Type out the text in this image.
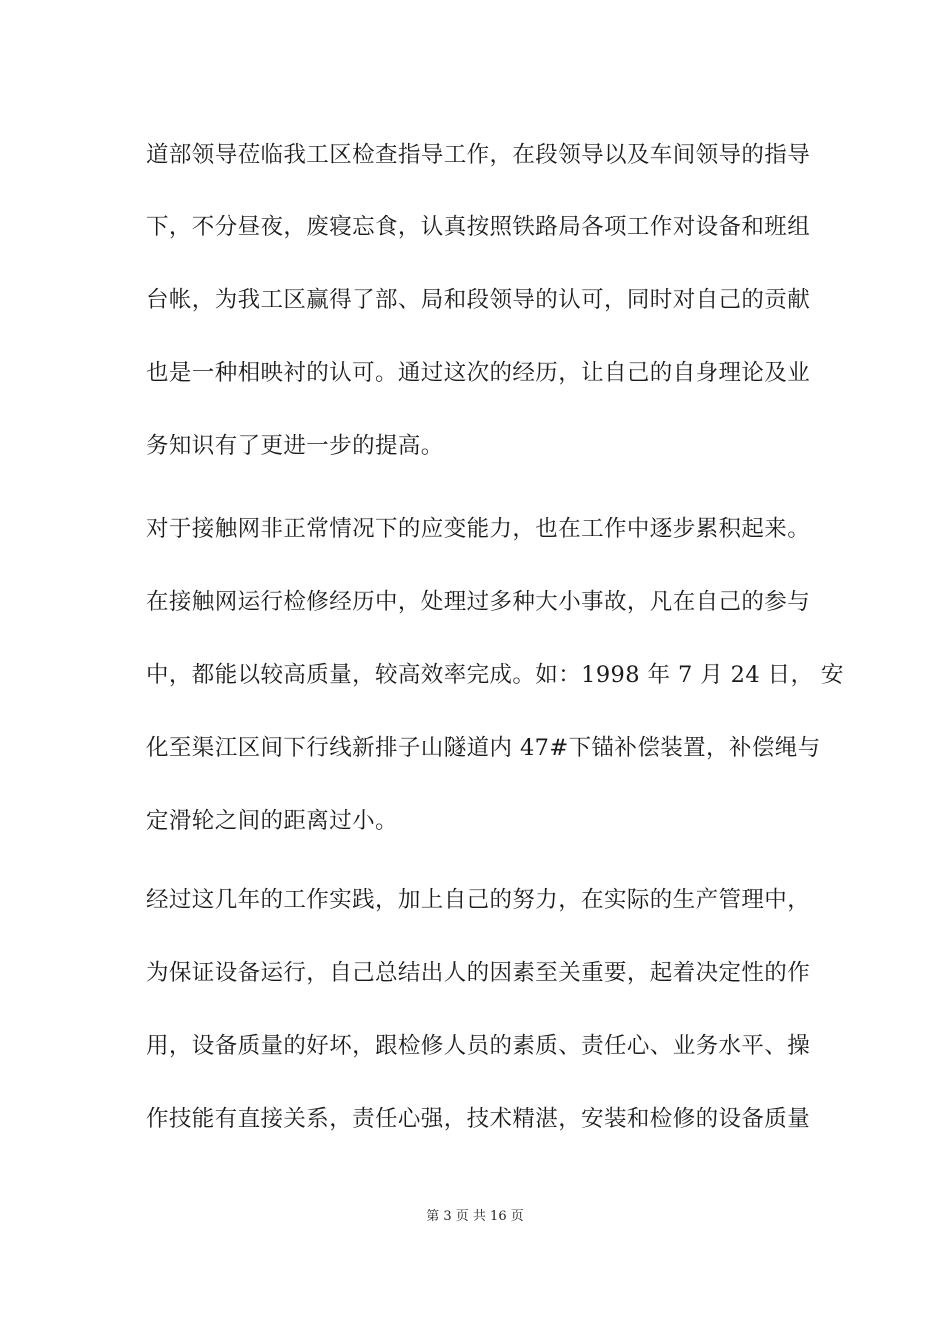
道部领导莅临我工区检查指导工作，在段领导以及车间领导的指导
下，不分昼夜，废寝忘食，认真按照铁路局各项工作对设备和班组
台帐，为我工区赢得了部、局和段领导的认可，同时对自己的贡献
也是一种相映衬的认可。通过这次的经历，让自己的自身理论及业
务知识有了更进一步的提高。
对于接触网非正常情况下的应变能力，也在工作中逐步累积起来。
在接触网运行检修经历中，处理过多种大小事故，凡在自己的参与
中，都能以较高质量，较高效率完成。如：1998 年 7 月 24 日， 安
化至渠江区间下行线新排子山隧道内 47#下锚补偿装置，补偿绳与
定滑轮之间的距离过小。
经过这几年的工作实践，加上自己的努力，在实际的生产管理中，
为保证设备运行，自己总结出人的因素至关重要，起着决定性的作
用，设备质量的好坏，跟检修人员的素质、责任心、业务水平、操
作技能有直接关系，责任心强，技术精湛，安装和检修的设备质量
第 3 页 共 16 页
